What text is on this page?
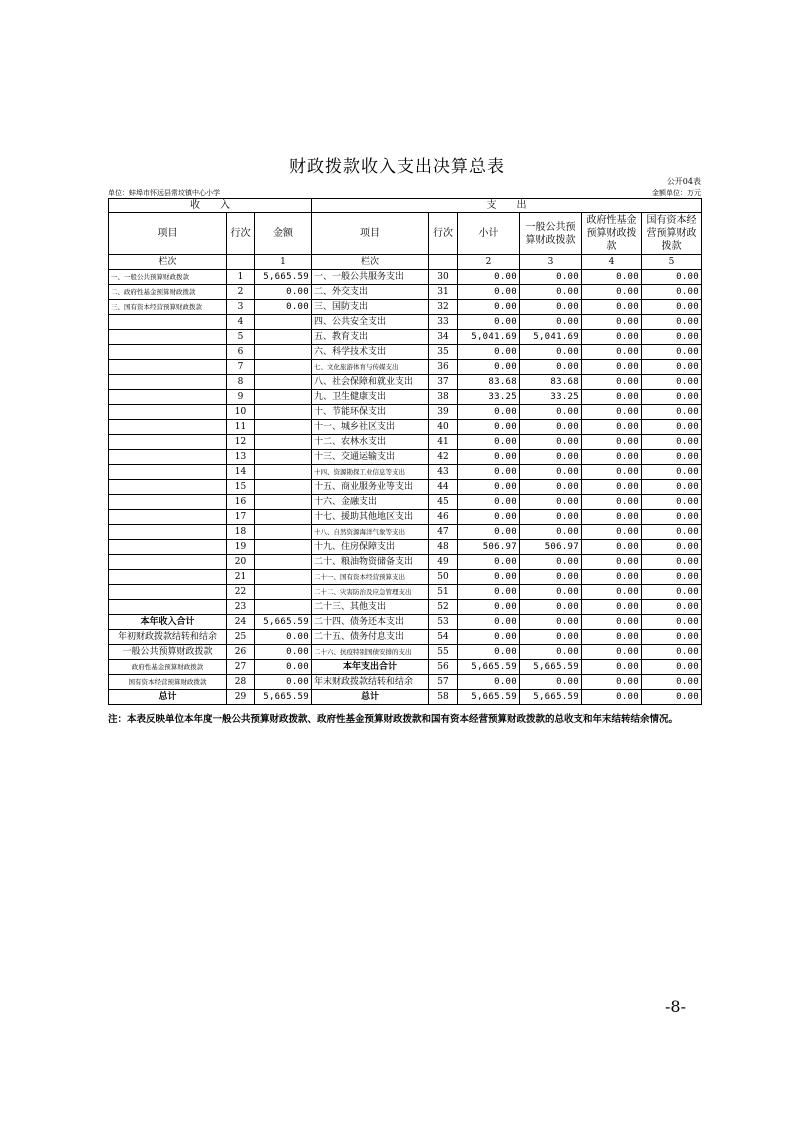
财政拨款收入支出决算总表
公开04表
单位：蚌埠市怀远县常坟镇中心小学	金额单位：万元
收　　入			支　　出					
项目	行次	金额	项目	行次	小计	一般公共预算财政拨款	政府性基金预算财政拨款	国有资本经营预算财政拨款
栏次		1	栏次		2	3	4	5
一、一般公共预算财政拨款	1	5,665.59	一、一般公共服务支出	30	0.00	0.00	0.00	0.00
二、政府性基金预算财政拨款	2	0.00	二、外交支出	31	0.00	0.00	0.00	0.00
三、国有资本经营预算财政拨款	3	0.00	三、国防支出	32	0.00	0.00	0.00	0.00
	4		四、公共安全支出	33	0.00	0.00	0.00	0.00
	5		五、教育支出	34	5,041.69	5,041.69	0.00	0.00
	6		六、科学技术支出	35	0.00	0.00	0.00	0.00
	7		七、文化旅游体育与传媒支出	36	0.00	0.00	0.00	0.00
	8		八、社会保障和就业支出	37	83.68	83.68	0.00	0.00
	9		九、卫生健康支出	38	33.25	33.25	0.00	0.00
	10		十、节能环保支出	39	0.00	0.00	0.00	0.00
	11		十一、城乡社区支出	40	0.00	0.00	0.00	0.00
	12		十二、农林水支出	41	0.00	0.00	0.00	0.00
	13		十三、交通运输支出	42	0.00	0.00	0.00	0.00
	14		十四、资源勘探工业信息等支出	43	0.00	0.00	0.00	0.00
	15		十五、商业服务业等支出	44	0.00	0.00	0.00	0.00
	16		十六、金融支出	45	0.00	0.00	0.00	0.00
	17		十七、援助其他地区支出	46	0.00	0.00	0.00	0.00
	18		十八、自然资源海洋气象等支出	47	0.00	0.00	0.00	0.00
	19		十九、住房保障支出	48	506.97	506.97	0.00	0.00
	20		二十、粮油物资储备支出	49	0.00	0.00	0.00	0.00
	21		二十一、国有资本经营预算支出	50	0.00	0.00	0.00	0.00
	22		二十二、灾害防治及应急管理支出	51	0.00	0.00	0.00	0.00
	23		二十三、其他支出	52	0.00	0.00	0.00	0.00
本年收入合计	24	5,665.59	二十四、债务还本支出	53	0.00	0.00	0.00	0.00
年初财政拨款结转和结余	25	0.00	二十五、债务付息支出	54	0.00	0.00	0.00	0.00
一般公共预算财政拨款	26	0.00	二十六、抗疫特别国债安排的支出	55	0.00	0.00	0.00	0.00
政府性基金预算财政拨款	27	0.00	本年支出合计	56	5,665.59	5,665.59	0.00	0.00
国有资本经营预算财政拨款	28	0.00	年末财政拨款结转和结余	57	0.00	0.00	0.00	0.00
总计	29	5,665.59	总计	58	5,665.59	5,665.59	0.00	0.00
注：本表反映单位本年度一般公共预算财政拨款、政府性基金预算财政拨款和国有资本经营预算财政拨款的总收支和年末结转结余情况。
-8-
